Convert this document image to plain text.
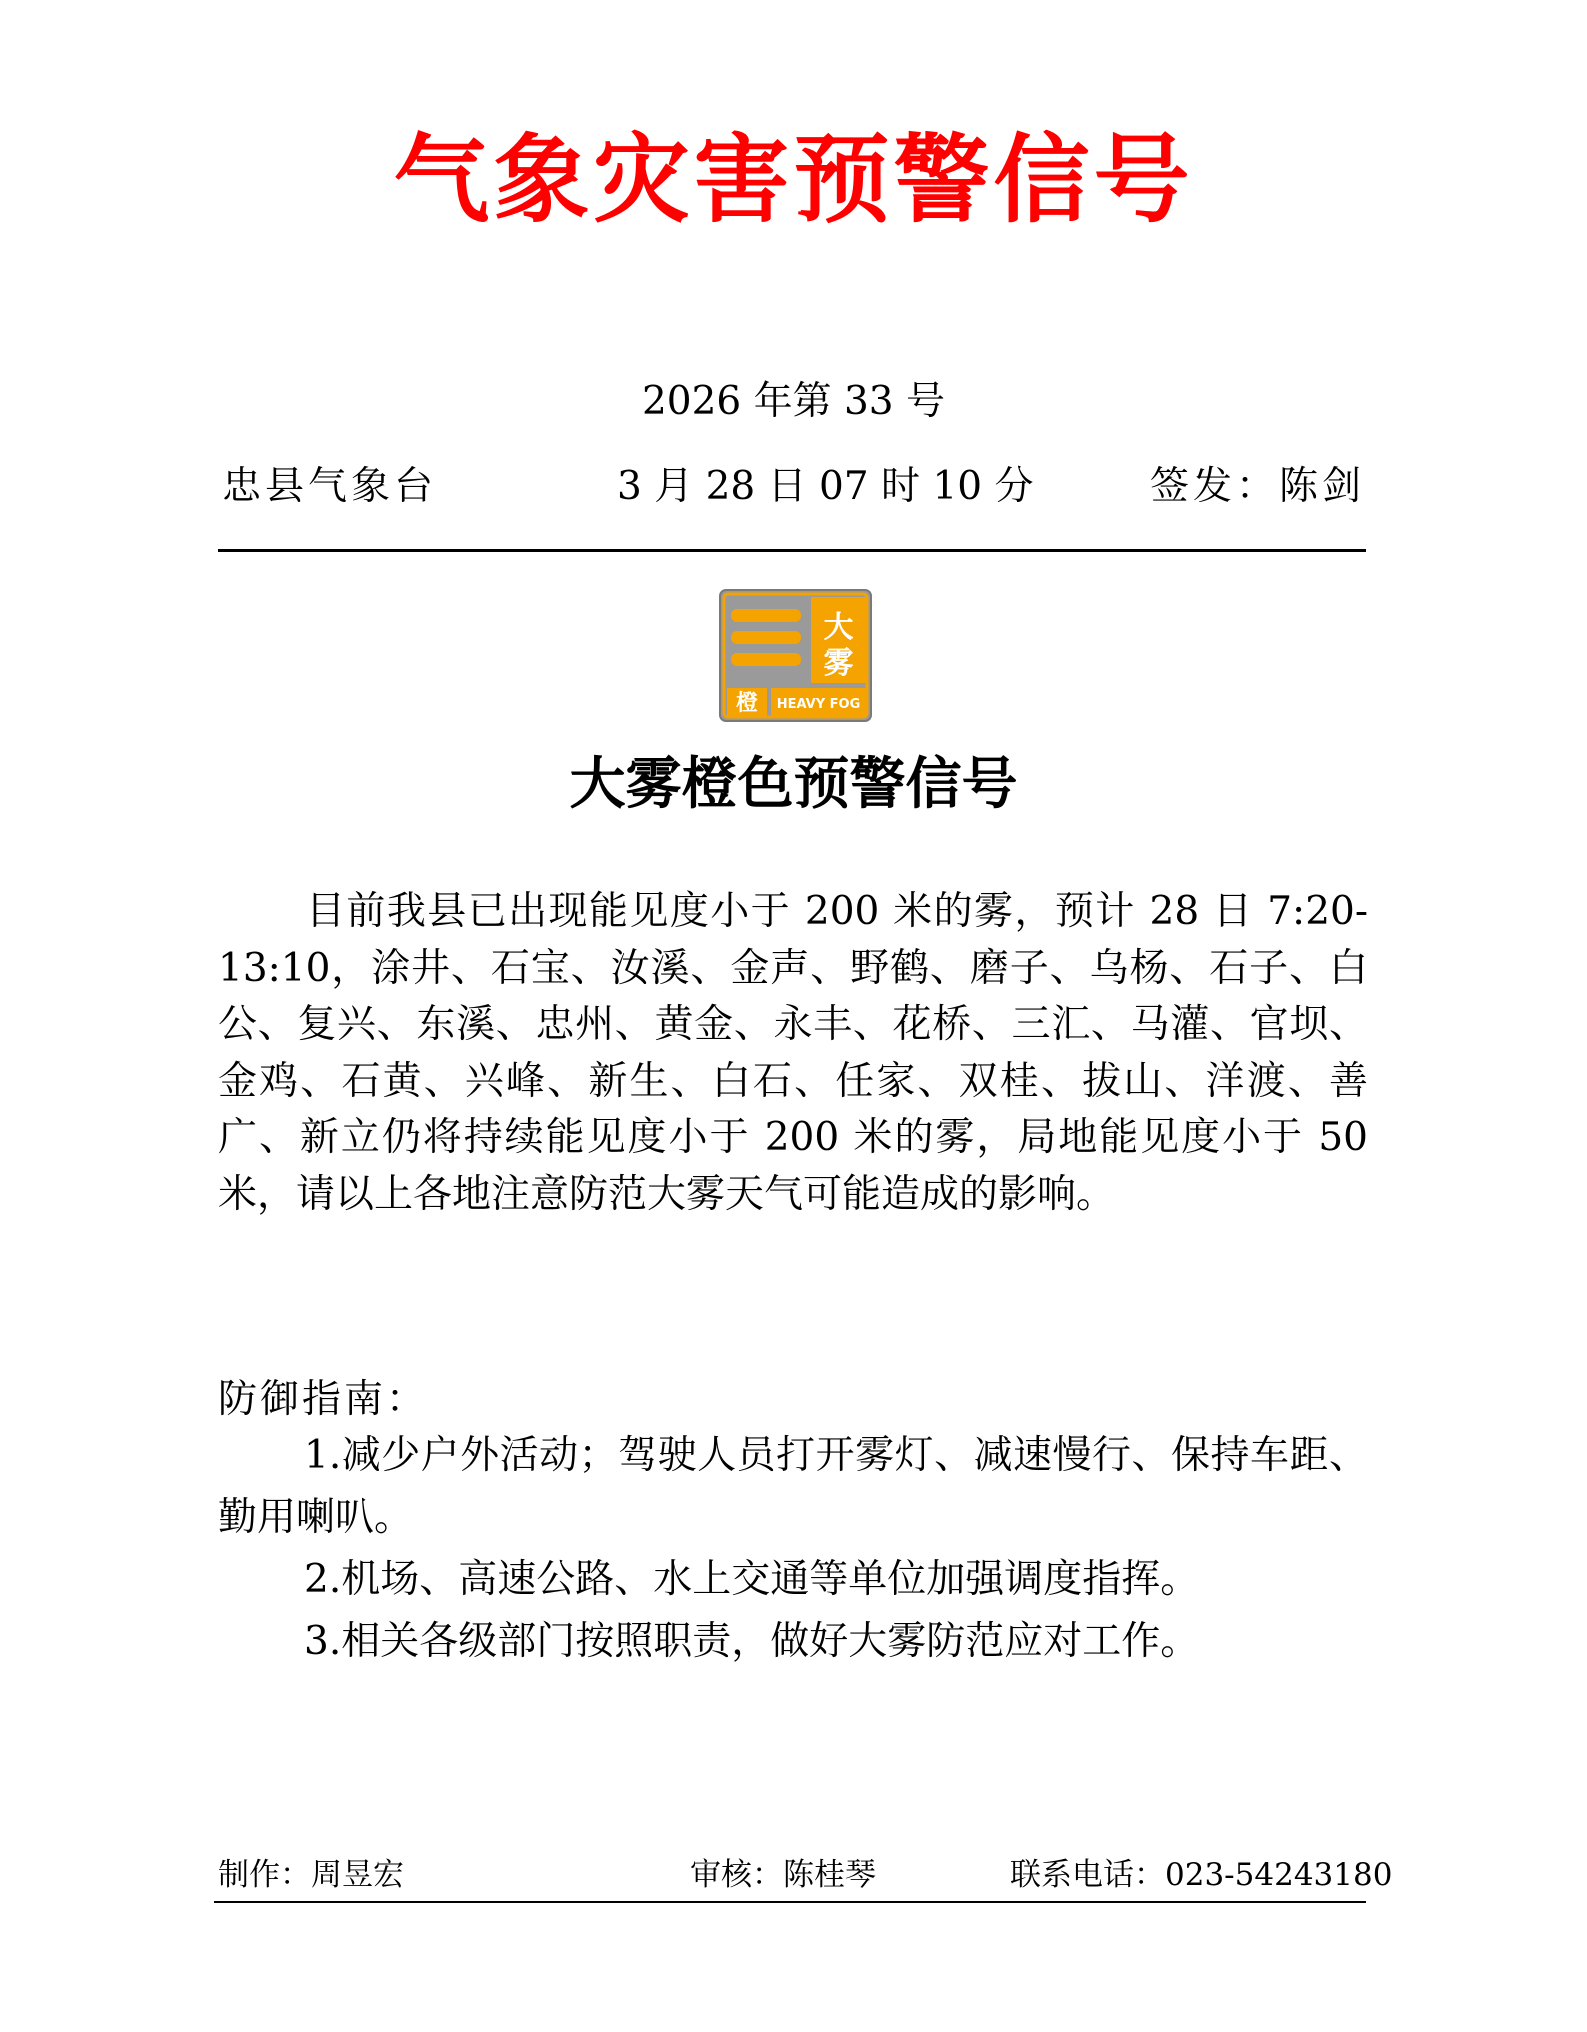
气象灾害预警信号
2026 年第 33 号
忠县气象台	3 月 28 日 07 时 10 分	签发：陈剑
大
雾
橙 HEAVY FOG
大雾橙色预警信号
目前我县已出现能见度小于 200 米的雾，预计 28 日 7:20-13:10，涂井、石宝、汝溪、金声、野鹤、磨子、乌杨、石子、白公、复兴、东溪、忠州、黄金、永丰、花桥、三汇、马灌、官坝、金鸡、石黄、兴峰、新生、白石、任家、双桂、拔山、洋渡、善广、新立仍将持续能见度小于 200 米的雾，局地能见度小于 50 米，请以上各地注意防范大雾天气可能造成的影响。
防御指南：
1.减少户外活动；驾驶人员打开雾灯、减速慢行、保持车距、勤用喇叭。
2.机场、高速公路、水上交通等单位加强调度指挥。
3.相关各级部门按照职责，做好大雾防范应对工作。
制作：周昱宏	审核：陈桂琴	联系电话：023-54243180
